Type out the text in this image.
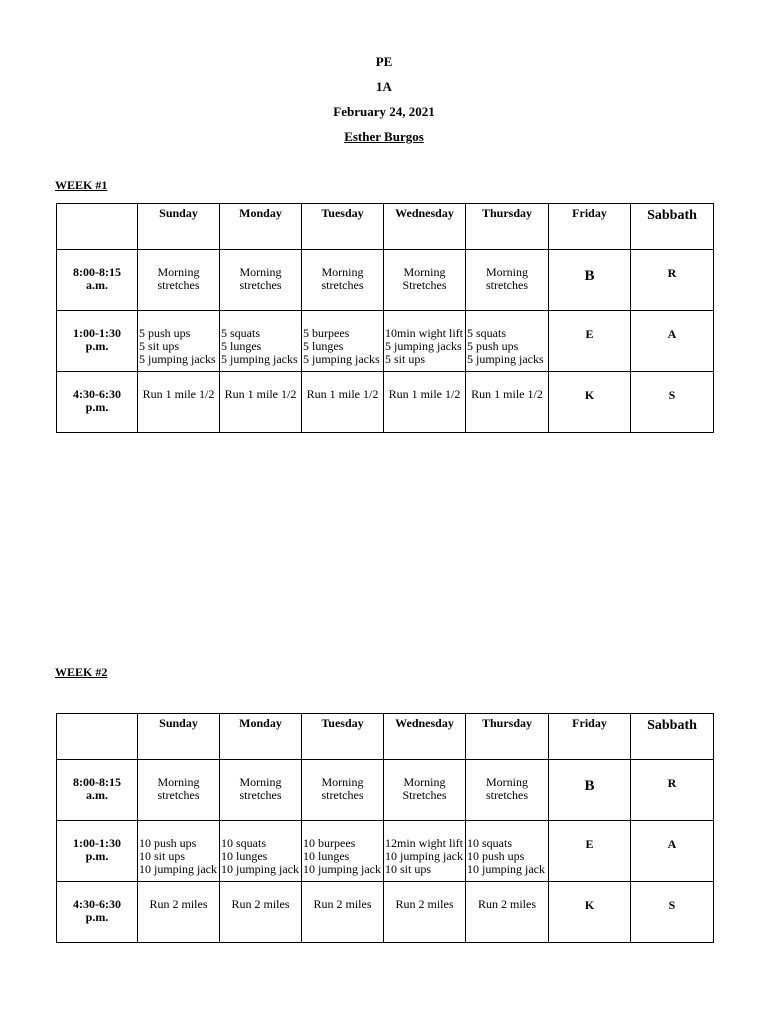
PE
1A
February 24, 2021
Esther Burgos
WEEK #1
	Sunday	Monday	Tuesday	Wednesday	Thursday	Friday	Sabbath

8:00-8:15
a.m.	Morning
stretches	Morning
stretches	Morning
stretches	Morning
Stretches	Morning
stretches	B	R

1:00-1:30
p.m.	5 push ups
5 sit ups
5 jumping jacks	5 squats
5 lunges
5 jumping jacks	5 burpees
5 lunges
5 jumping jacks	10min wight lift
5 jumping jacks
5 sit ups	5 squats
5 push ups
5 jumping jacks	E	A

4:30-6:30
p.m.	Run 1 mile 1/2	Run 1 mile 1/2	Run 1 mile 1/2	Run 1 mile 1/2	Run 1 mile 1/2	K	S
WEEK #2
	Sunday	Monday	Tuesday	Wednesday	Thursday	Friday	Sabbath

8:00-8:15
a.m.	Morning
stretches	Morning
stretches	Morning
stretches	Morning
Stretches	Morning
stretches	B	R

1:00-1:30
p.m.	10 push ups
10 sit ups
10 jumping jack	10 squats
10 lunges
10 jumping jack	10 burpees
10 lunges
10 jumping jack	12min wight lift
10 jumping jack
10 sit ups	10 squats
10 push ups
10 jumping jack	E	A

4:30-6:30
p.m.	Run 2 miles	Run 2 miles	Run 2 miles	Run 2 miles	Run 2 miles	K	S
